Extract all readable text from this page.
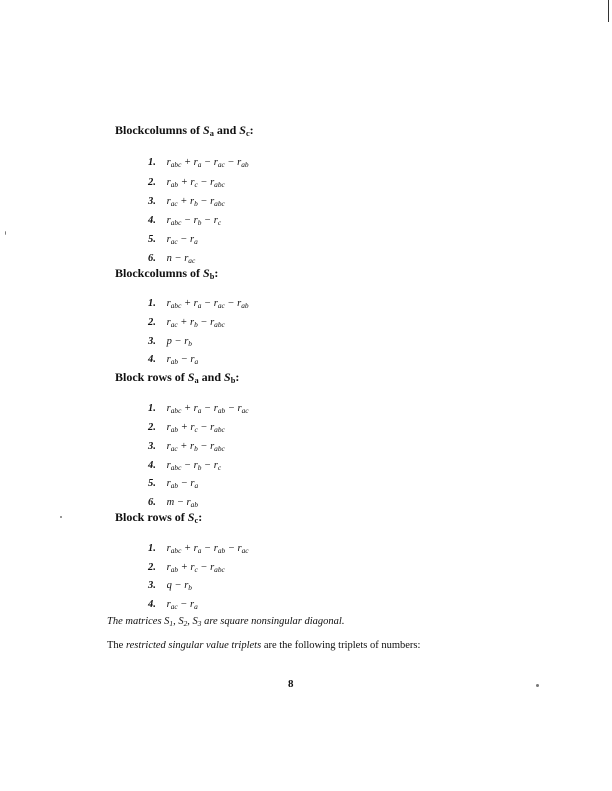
Blockcolumns of $S_a$ and $S_c$:
1. $r_{abc} + r_a - r_{ac} - r_{ab}$
2. $r_{ab} + r_c - r_{abc}$
3. $r_{ac} + r_b - r_{abc}$
4. $r_{abc} - r_b - r_c$
5. $r_{ac} - r_a$
6. $n - r_{ac}$
Blockcolumns of $S_b$:
1. $r_{abc} + r_a - r_{ac} - r_{ab}$
2. $r_{ac} + r_b - r_{abc}$
3. $p - r_b$
4. $r_{ab} - r_a$
Block rows of $S_a$ and $S_b$:
1. $r_{abc} + r_a - r_{ab} - r_{ac}$
2. $r_{ab} + r_c - r_{abc}$
3. $r_{ac} + r_b - r_{abc}$
4. $r_{abc} - r_b - r_c$
5. $r_{ab} - r_a$
6. $m - r_{ab}$
Block rows of $S_c$:
1. $r_{abc} + r_a - r_{ab} - r_{ac}$
2. $r_{ab} + r_c - r_{abc}$
3. $q - r_b$
4. $r_{ac} - r_a$
The matrices $S_1$, $S_2$, $S_3$ are square nonsingular diagonal.
The restricted singular value triplets are the following triplets of numbers:
8
